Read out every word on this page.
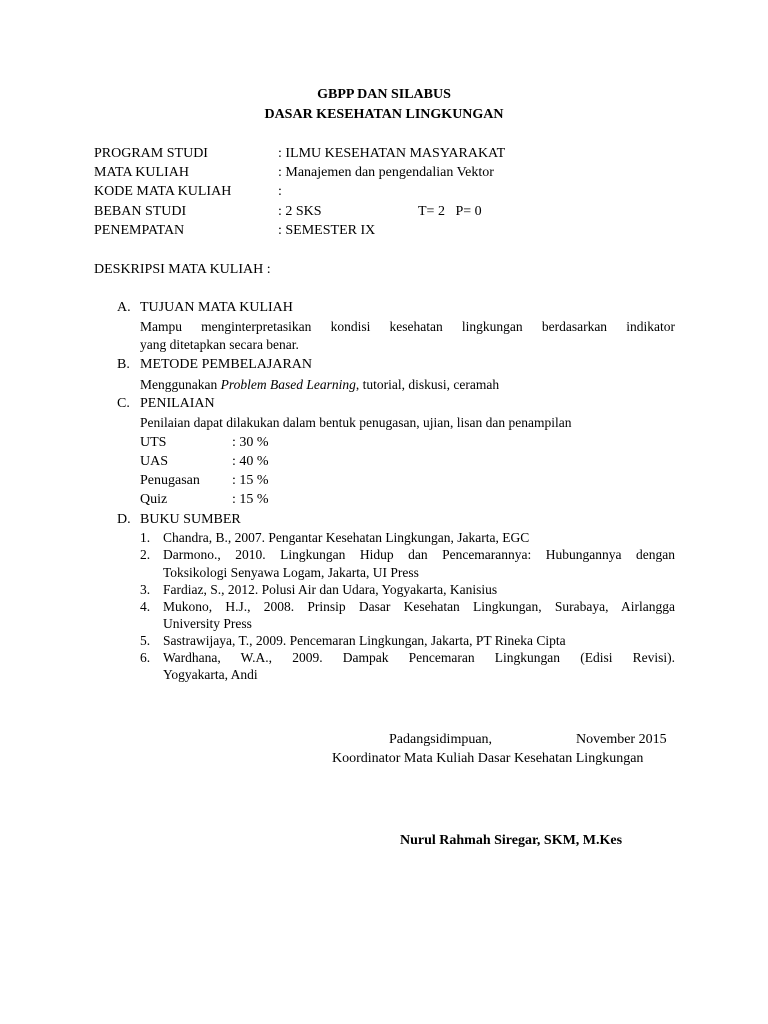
GBPP DAN SILABUS
DASAR KESEHATAN LINGKUNGAN
PROGRAM STUDI	: ILMU KESEHATAN MASYARAKAT
MATA KULIAH	: Manajemen dan pengendalian Vektor
KODE MATA KULIAH	:
BEBAN STUDI	: 2 SKS	T= 2   P= 0
PENEMPATAN	: SEMESTER IX
DESKRIPSI MATA KULIAH :
A. TUJUAN MATA KULIAH
Mampu menginterpretasikan kondisi kesehatan lingkungan berdasarkan indikator
yang ditetapkan secara benar.
B. METODE PEMBELAJARAN
Menggunakan Problem Based Learning, tutorial, diskusi, ceramah
C. PENILAIAN
Penilaian dapat dilakukan dalam bentuk penugasan, ujian, lisan dan penampilan
UTS	: 30 %
UAS	: 40 %
Penugasan : 15 %
Quiz	: 15 %
D. BUKU SUMBER
1. Chandra, B., 2007. Pengantar Kesehatan Lingkungan, Jakarta, EGC
2. Darmono., 2010. Lingkungan Hidup dan Pencemarannya: Hubungannya dengan
Toksikologi Senyawa Logam, Jakarta, UI Press
3. Fardiaz, S., 2012. Polusi Air dan Udara, Yogyakarta, Kanisius
4. Mukono, H.J., 2008. Prinsip Dasar Kesehatan Lingkungan, Surabaya, Airlangga
University Press
5. Sastrawijaya, T., 2009. Pencemaran Lingkungan, Jakarta, PT Rineka Cipta
6. Wardhana, W.A., 2009. Dampak Pencemaran Lingkungan (Edisi Revisi).
Yogyakarta, Andi
Padangsidimpuan,	November 2015
Koordinator Mata Kuliah Dasar Kesehatan Lingkungan
Nurul Rahmah Siregar, SKM, M.Kes
